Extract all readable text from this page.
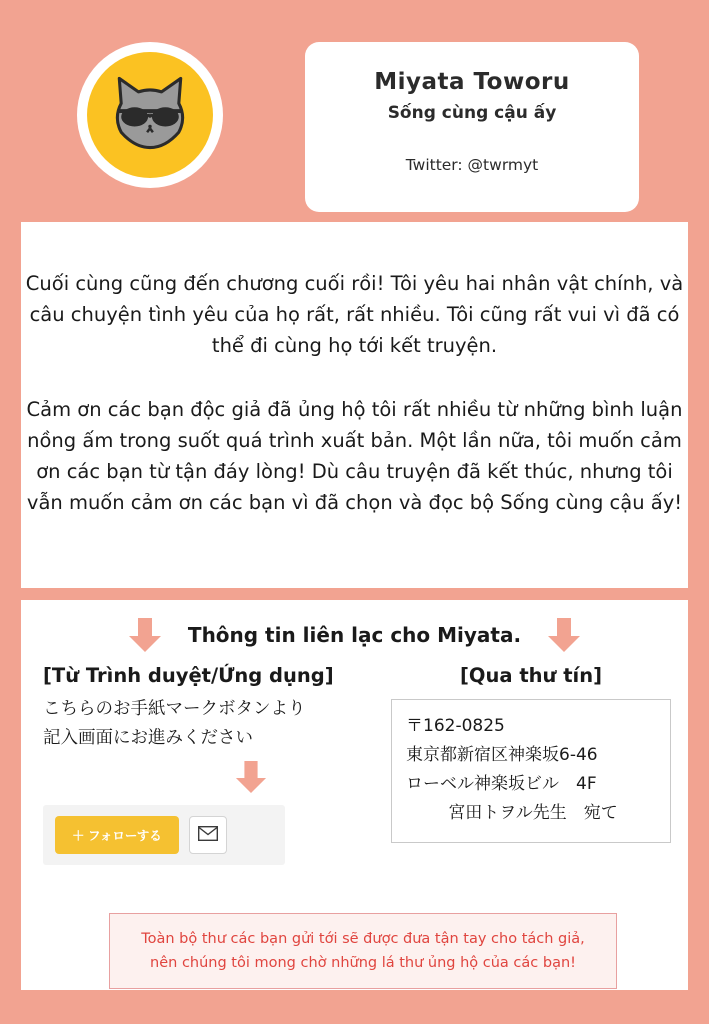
Miyata Toworu
Sống cùng cậu ấy
Twitter: @twrmyt

Cuối cùng cũng đến chương cuối rồi! Tôi yêu hai nhân vật chính, và câu chuyện tình yêu của họ rất, rất nhiều. Tôi cũng rất vui vì đã có thể đi cùng họ tới kết truyện.

Cảm ơn các bạn độc giả đã ủng hộ tôi rất nhiều từ những bình luận nồng ấm trong suốt quá trình xuất bản. Một lần nữa, tôi muốn cảm ơn các bạn từ tận đáy lòng! Dù câu truyện đã kết thúc, nhưng tôi vẫn muốn cảm ơn các bạn vì đã chọn và đọc bộ Sống cùng cậu ấy!

Thông tin liên lạc cho Miyata.

[Từ Trình duyệt/Ứng dụng]

こちらのお手紙マークボタンより
記入画面にお進みください
＋ フォローする

[Qua thư tín]

〒162-0825
東京都新宿区神楽坂6-46
ローベル神楽坂ビル　4F
宮田トヲル先生　宛て
Toàn bộ thư các bạn gửi tới sẽ được đưa tận tay cho tách giả,
nên chúng tôi mong chờ những lá thư ủng hộ của các bạn!
